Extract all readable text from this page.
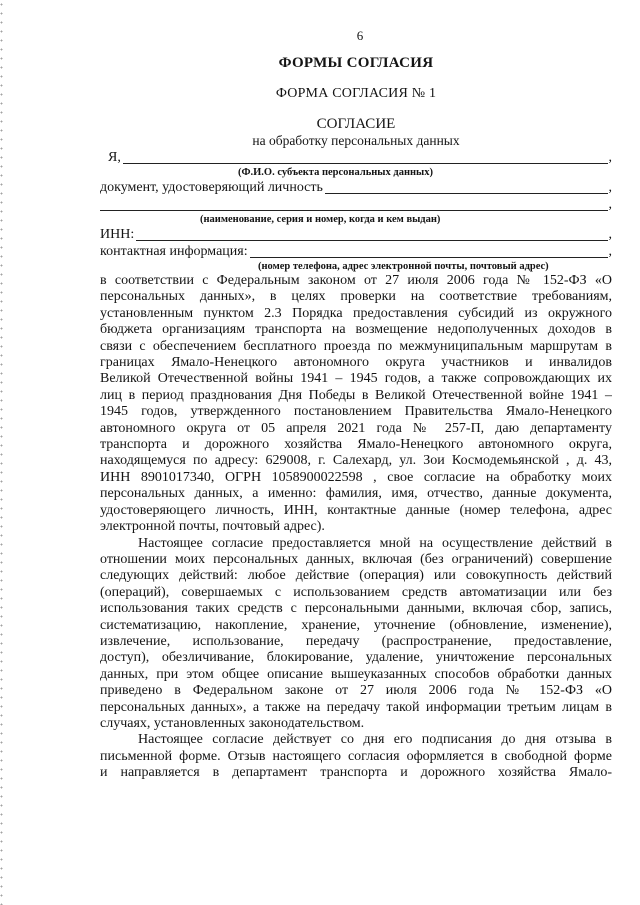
6
ФОРМЫ СОГЛАСИЯ
ФОРМА СОГЛАСИЯ № 1
СОГЛАСИЕ
на обработку персональных данных
Я,	,
(Ф.И.О. субъекта персональных данных)
документ, удостоверяющий личность	,
,
(наименование, серия и номер, когда и кем выдан)
ИНН:	,
контактная информация:	,
(номер телефона, адрес электронной почты, почтовый адрес)

в соответствии с Федеральным законом от 27 июля 2006 года № 152-ФЗ «О
персональных данных», в целях проверки на соответствие требованиям,
установленным пунктом 2.3 Порядка предоставления субсидий из окружного
бюджета организациям транспорта на возмещение недополученных доходов в
связи с обеспечением бесплатного проезда по межмуниципальным маршрутам в
границах Ямало-Ненецкого автономного округа участников и инвалидов
Великой Отечественной войны 1941 – 1945 годов, а также сопровождающих их
лиц в период празднования Дня Победы в Великой Отечественной войне 1941 –
1945 годов, утвержденного постановлением Правительства Ямало-Ненецкого
автономного округа от 05 апреля 2021 года № 257-П, даю департаменту
транспорта и дорожного хозяйства Ямало-Ненецкого автономного округа,
находящемуся по адресу: 629008, г. Салехард, ул. Зои Космодемьянской , д. 43,
ИНН 8901017340, ОГРН 1058900022598 , свое согласие на обработку моих
персональных данных, а именно: фамилия, имя, отчество, данные документа,
удостоверяющего личность, ИНН, контактные данные (номер телефона, адрес
электронной почты, почтовый адрес).

Настоящее согласие предоставляется мной на осуществление действий в
отношении моих персональных данных, включая (без ограничений) совершение
следующих действий: любое действие (операция) или совокупность действий
(операций), совершаемых с использованием средств автоматизации или без
использования таких средств с персональными данными, включая сбор, запись,
систематизацию, накопление, хранение, уточнение (обновление, изменение),
извлечение, использование, передачу (распространение, предоставление,
доступ), обезличивание, блокирование, удаление, уничтожение персональных
данных, при этом общее описание вышеуказанных способов обработки данных
приведено в Федеральном законе от 27 июля 2006 года № 152-ФЗ «О
персональных данных», а также на передачу такой информации третьим лицам в
случаях, установленных законодательством.

Настоящее согласие действует со дня его подписания до дня отзыва в
письменной форме. Отзыв настоящего согласия оформляется в свободной форме
и направляется в департамент транспорта и дорожного хозяйства Ямало-
